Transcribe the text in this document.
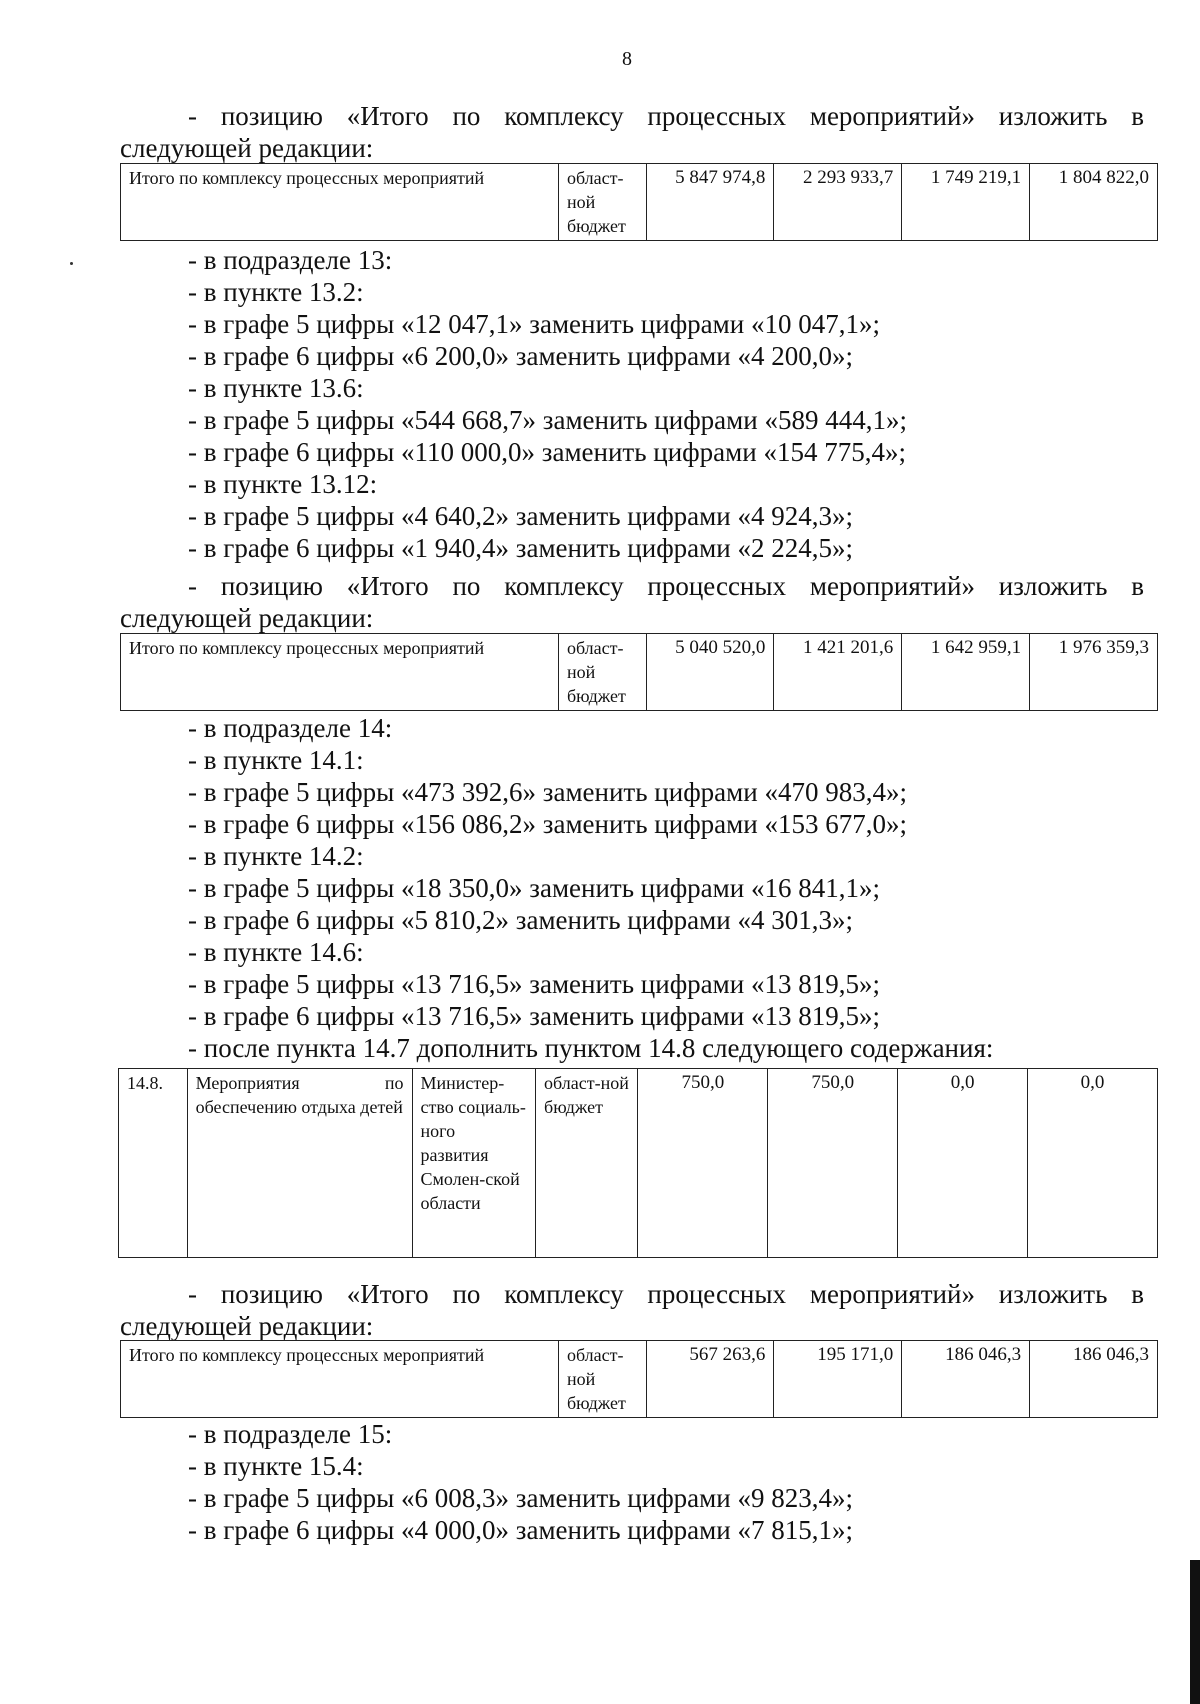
8
- позицию «Итого по комплексу процессных мероприятий» изложить в
следующей редакции:
Итого по комплексу процессных мероприятий	област-ной бюджет	5 847 974,8	2 293 933,7	1 749 219,1	1 804 822,0
- в подразделе 13:
- в пункте 13.2:
- в графе 5 цифры «12 047,1» заменить цифрами «10 047,1»;
- в графе 6 цифры «6 200,0» заменить цифрами «4 200,0»;
- в пункте 13.6:
- в графе 5 цифры «544 668,7» заменить цифрами «589 444,1»;
- в графе 6 цифры «110 000,0» заменить цифрами «154 775,4»;
- в пункте 13.12:
- в графе 5 цифры «4 640,2» заменить цифрами «4 924,3»;
- в графе 6 цифры «1 940,4» заменить цифрами «2 224,5»;
- позицию «Итого по комплексу процессных мероприятий» изложить в
следующей редакции:
Итого по комплексу процессных мероприятий	област-ной бюджет	5 040 520,0	1 421 201,6	1 642 959,1	1 976 359,3
- в подразделе 14:
- в пункте 14.1:
- в графе 5 цифры «473 392,6» заменить цифрами «470 983,4»;
- в графе 6 цифры «156 086,2» заменить цифрами «153 677,0»;
- в пункте 14.2:
- в графе 5 цифры «18 350,0» заменить цифрами «16 841,1»;
- в графе 6 цифры «5 810,2» заменить цифрами «4 301,3»;
- в пункте 14.6:
- в графе 5 цифры «13 716,5» заменить цифрами «13 819,5»;
- в графе 6 цифры «13 716,5» заменить цифрами «13 819,5»;
- после пункта 14.7 дополнить пунктом 14.8 следующего содержания:
14.8.	Мероприятия по обеспечению отдыха детей	Министер-ство социаль-ного развития Смолен-ской области	област-ной бюджет	750,0	750,0	0,0	0,0
- позицию «Итого по комплексу процессных мероприятий» изложить в
следующей редакции:
Итого по комплексу процессных мероприятий	област-ной бюджет	567 263,6	195 171,0	186 046,3	186 046,3
- в подразделе 15:
- в пункте 15.4:
- в графе 5 цифры «6 008,3» заменить цифрами «9 823,4»;
- в графе 6 цифры «4 000,0» заменить цифрами «7 815,1»;
